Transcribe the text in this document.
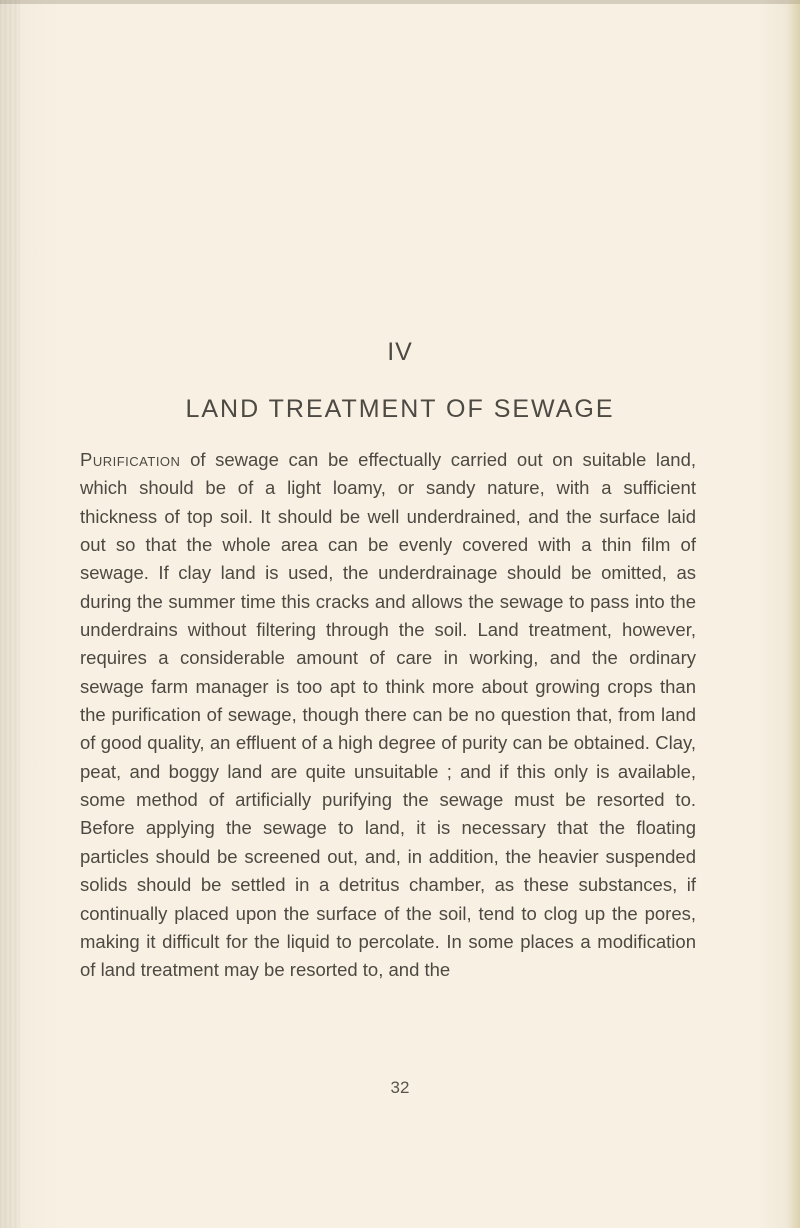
IV
LAND TREATMENT OF SEWAGE
Purification of sewage can be effectually carried out on suitable land, which should be of a light loamy, or sandy nature, with a sufficient thickness of top soil. It should be well underdrained, and the surface laid out so that the whole area can be evenly covered with a thin film of sewage. If clay land is used, the underdrainage should be omitted, as during the summer time this cracks and allows the sewage to pass into the underdrains without filtering through the soil. Land treatment, however, requires a considerable amount of care in working, and the ordinary sewage farm manager is too apt to think more about growing crops than the purification of sewage, though there can be no question that, from land of good quality, an effluent of a high degree of purity can be obtained. Clay, peat, and boggy land are quite unsuitable ; and if this only is available, some method of artificially purifying the sewage must be resorted to. Before applying the sewage to land, it is necessary that the floating particles should be screened out, and, in addition, the heavier suspended solids should be settled in a detritus chamber, as these substances, if continually placed upon the surface of the soil, tend to clog up the pores, making it difficult for the liquid to percolate. In some places a modification of land treatment may be resorted to, and the
32
